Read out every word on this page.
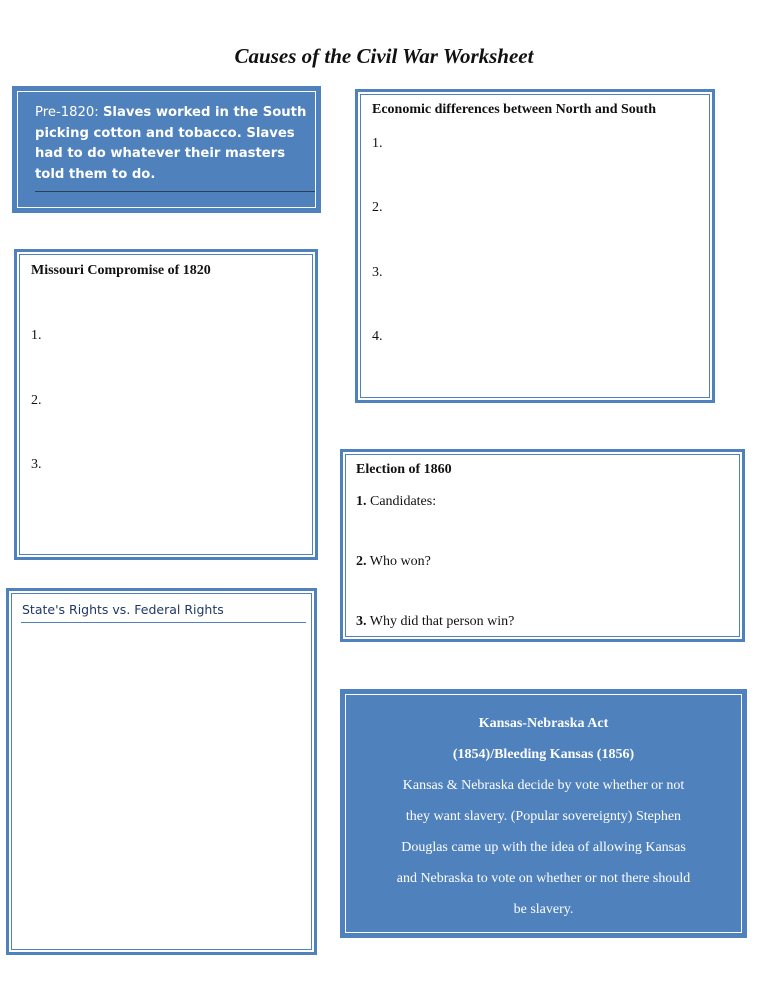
Causes of the Civil War Worksheet
Pre-1820: Slaves worked in the South picking cotton and tobacco. Slaves had to do whatever their masters told them to do.
Economic differences between North and South
1.
2.
3.
4.
Missouri Compromise of 1820
1.
2.
3.	Election of 1860
1. Candidates:
2. Who won?
3. Why did that person win?
State's Rights vs. Federal Rights
Kansas-Nebraska Act
(1854)/Bleeding Kansas (1856)
Kansas & Nebraska decide by vote whether or not
they want slavery. (Popular sovereignty) Stephen
Douglas came up with the idea of allowing Kansas
and Nebraska to vote on whether or not there should
be slavery.
